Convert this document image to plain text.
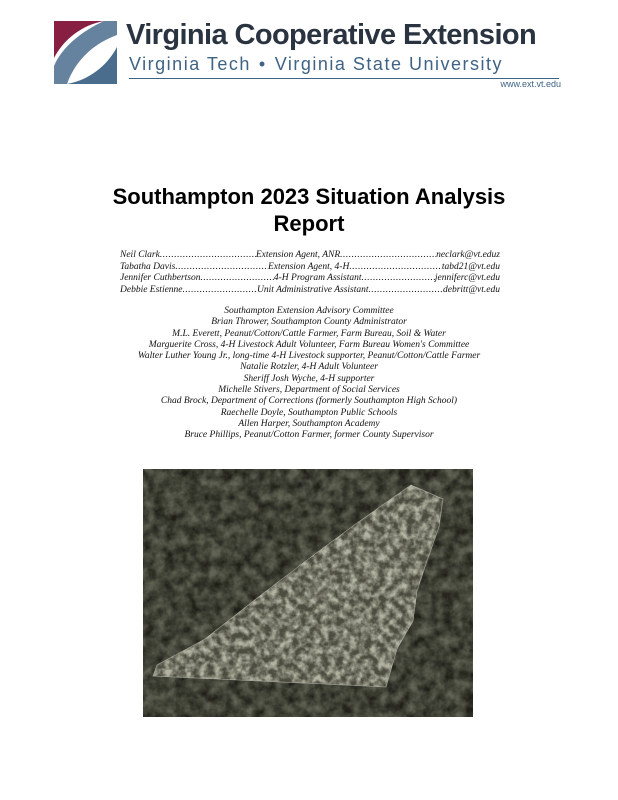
Virginia Cooperative Extension
Virginia Tech • Virginia State University
www.ext.vt.edu
Southampton 2023 Situation Analysis
Report
Neil Clark .....	Extension Agent, ANR .....	neclark@vt.eduz
Tabatha Davis .....	Extension Agent, 4-H .....	tabd21@vt.edu
Jennifer Cuthbertson .....	4-H Program Assistant .....	jenniferc@vt.edu
Debbie Estienne .....	Unit Administrative Assistant .....	debritt@vt.edu
Southampton Extension Advisory Committee
Brian Thrower, Southampton County Administrator
M.L. Everett, Peanut/Cotton/Cattle Farmer, Farm Bureau, Soil & Water
Marguerite Cross, 4-H Livestock Adult Volunteer, Farm Bureau Women's Committee
Walter Luther Young Jr., long-time 4-H Livestock supporter, Peanut/Cotton/Cattle Farmer
Natalie Rotzler, 4-H Adult Volunteer
Sheriff Josh Wyche, 4-H supporter
Michelle Stivers, Department of Social Services
Chad Brock, Department of Corrections (formerly Southampton High School)
Raechelle Doyle, Southampton Public Schools
Allen Harper, Southampton Academy
Bruce Phillips, Peanut/Cotton Farmer, former County Supervisor
